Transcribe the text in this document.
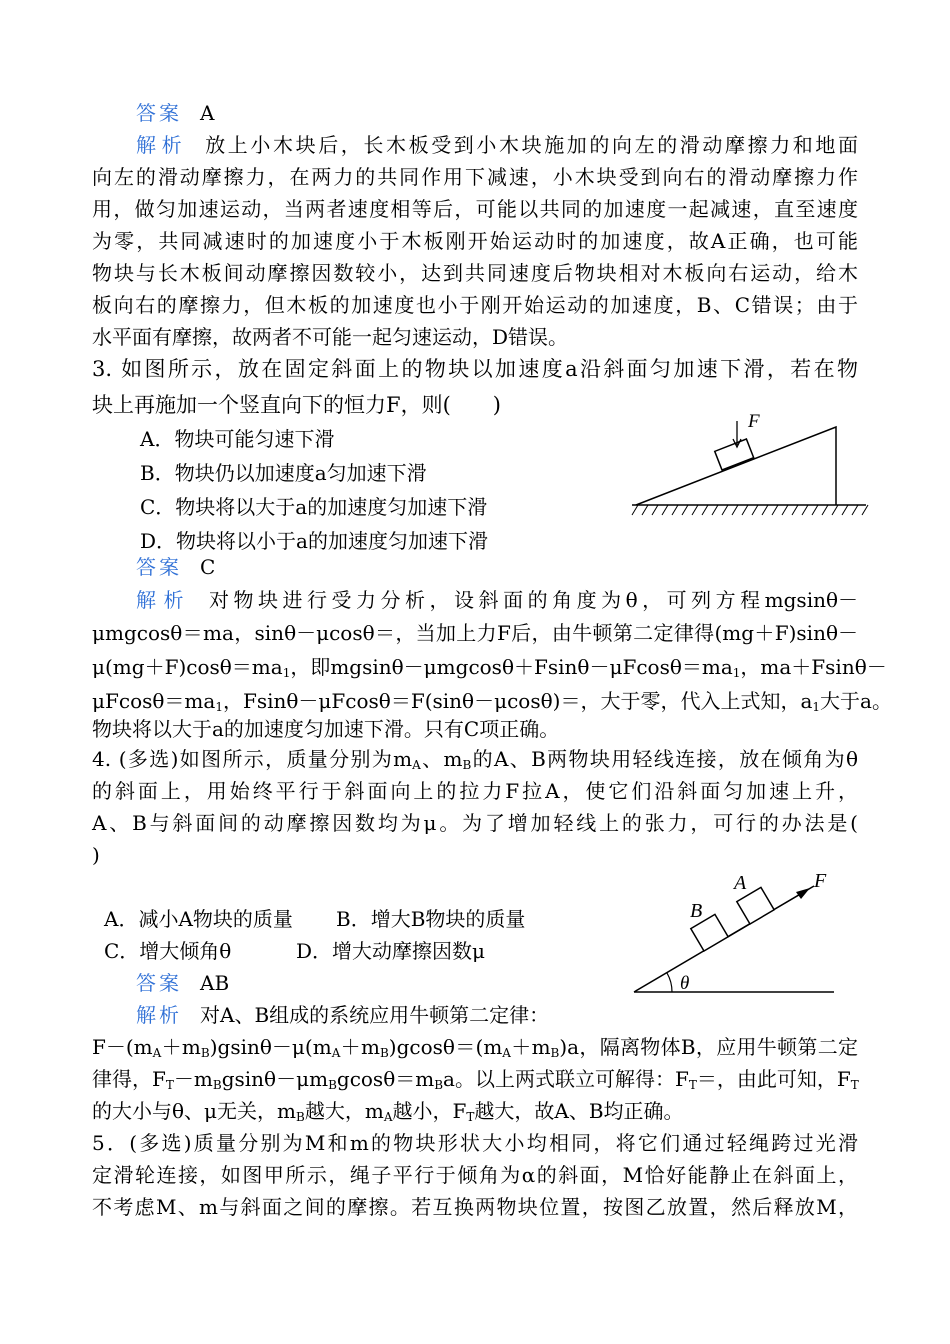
答案 A
解析 放上小木块后，长木板受到小木块施加的向左的滑动摩擦力和地面
向左的滑动摩擦力，在两力的共同作用下减速，小木块受到向右的滑动摩擦力作
用，做匀加速运动，当两者速度相等后，可能以共同的加速度一起减速，直至速度
为零，共同减速时的加速度小于木板刚开始运动时的加速度，故A正确，也可能
物块与长木板间动摩擦因数较小，达到共同速度后物块相对木板向右运动，给木
板向右的摩擦力，但木板的加速度也小于刚开始运动的加速度，B、C错误；由于
水平面有摩擦，故两者不可能一起匀速运动，D错误。
3. 如图所示，放在固定斜面上的物块以加速度a沿斜面匀加速下滑，若在物
块上再施加一个竖直向下的恒力F，则(　　)
A．物块可能匀速下滑
B．物块仍以加速度a匀加速下滑
C．物块将以大于a的加速度匀加速下滑
D．物块将以小于a的加速度匀加速下滑
F
答案 C
解析 对物块进行受力分析，设斜面的角度为θ，可列方程mgsinθ－
μmgcosθ＝ma，sinθ－μcosθ＝，当加上力F后，由牛顿第二定律得(mg＋F)sinθ－
$\mu(mg+F)\cos\theta=ma_1$，即$mgsin\theta-\mu mgcos\theta+Fsin\theta-\mu Fcos\theta=ma_1$，ma＋Fsinθ－
$\mu Fcos\theta=ma_1$，Fsinθ－μFcosθ＝F(sinθ－μcosθ)＝，大于零，代入上式知，$a_1$大于a。
物块将以大于a的加速度匀加速下滑。只有C项正确。
4. (多选)如图所示，质量分别为$m_A$、$m_B$的A、B两物块用轻线连接，放在倾角为θ
的斜面上，用始终平行于斜面向上的拉力F拉A，使它们沿斜面匀加速上升，
A、B与斜面间的动摩擦因数均为μ。为了增加轻线上的张力，可行的办法是(
)
A．减小A物块的质量 B．增大B物块的质量
C．增大倾角θ	D．增大动摩擦因数μ
θ
B
A	F
答案 AB
解析 对A、B组成的系统应用牛顿第二定律：
$F-(m_A+m_B)gsin\theta-\mu(m_A+m_B)gcos\theta=(m_A+m_B)a$，隔离物体B，应用牛顿第二定
律得，$F_T-m_Bgsin\theta-\mu m_Bgcos\theta=m_Ba$。以上两式联立可解得：$F_T=$，由此可知，$F_T$
的大小与θ、μ无关，$m_B$越大，$m_A$越小，$F_T$越大，故A、B均正确。
5．(多选)质量分别为M和m的物块形状大小均相同，将它们通过轻绳跨过光滑
定滑轮连接，如图甲所示，绳子平行于倾角为α的斜面，M恰好能静止在斜面上，
不考虑M、m与斜面之间的摩擦。若互换两物块位置，按图乙放置，然后释放M，
